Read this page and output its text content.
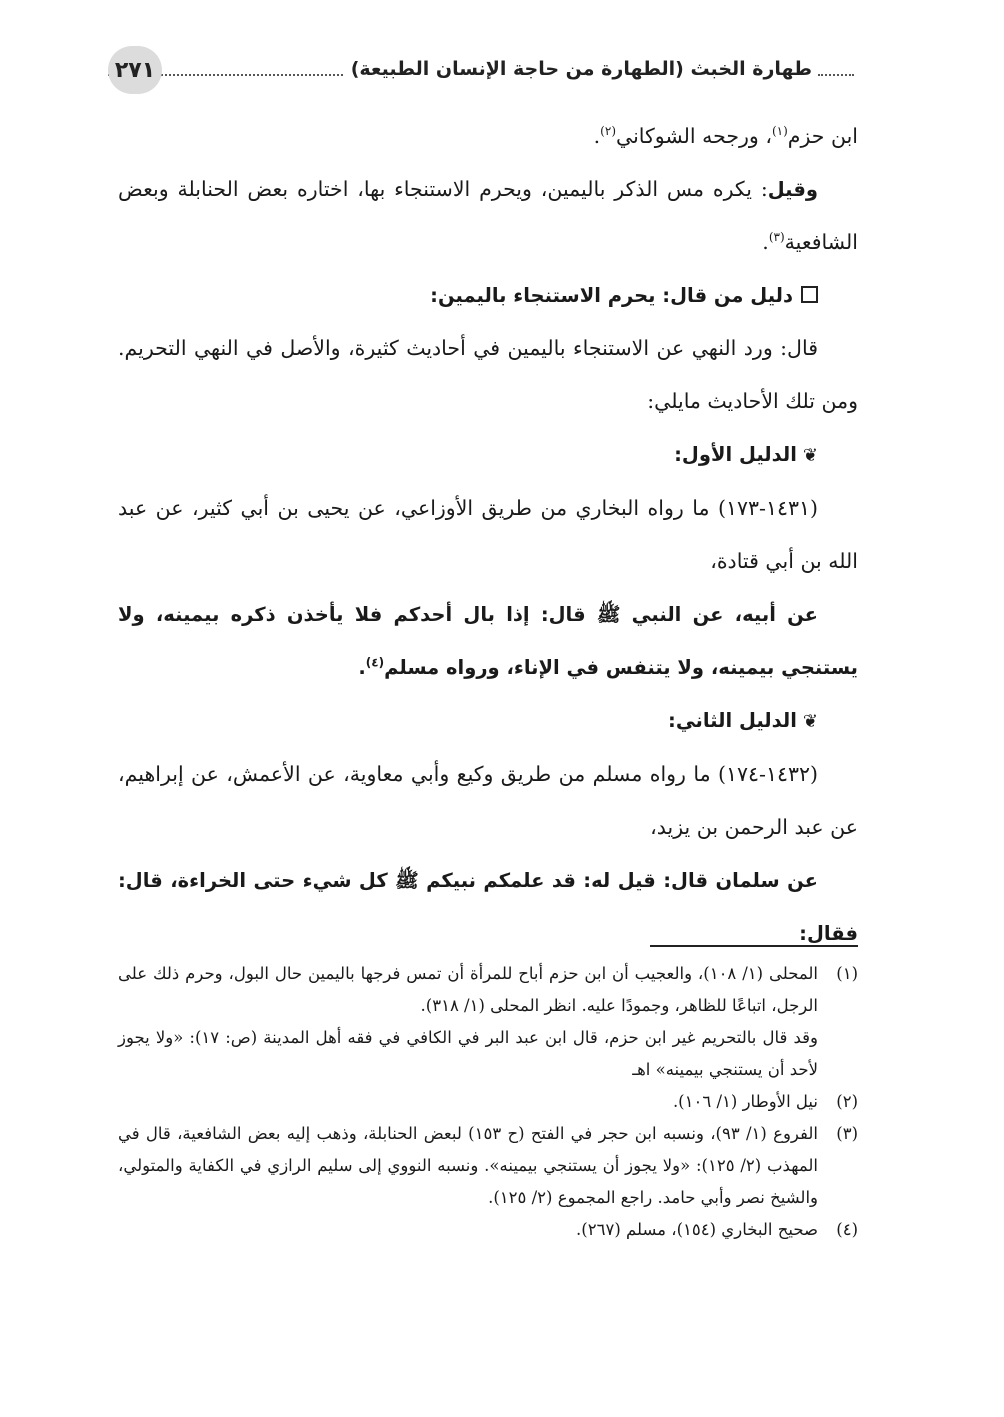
طهارة الخبث (الطهارة من حاجة الإنسان الطبيعة)
٢٧١

ابن حزم$^{(١)}$، ورجحه الشوكاني$^{(٢)}$.

وقيل: يكره مس الذكر باليمين، ويحرم الاستنجاء بها، اختاره بعض الحنابلة وبعض الشافعية$^{(٣)}$.

دليل من قال: يحرم الاستنجاء باليمين:

قال: ورد النهي عن الاستنجاء باليمين في أحاديث كثيرة، والأصل في النهي التحريم. ومن تلك الأحاديث مايلي:

❦الدليل الأول:

(١٤٣١-١٧٣) ما رواه البخاري من طريق الأوزاعي، عن يحيى بن أبي كثير، عن عبد الله بن أبي قتادة،

عن أبيه، عن النبي ﷺ قال: إذا بال أحدكم فلا يأخذن ذكره بيمينه، ولا يستنجي بيمينه، ولا يتنفس في الإناء، ورواه مسلم$^{(٤)}$.

❦الدليل الثاني:

(١٤٣٢-١٧٤) ما رواه مسلم من طريق وكيع وأبي معاوية، عن الأعمش، عن إبراهيم، عن عبد الرحمن بن يزيد،

عن سلمان قال: قيل له: قد علمكم نبيكم ﷺ كل شيء حتى الخراءة، قال: فقال:

(١)
المحلى (١/ ١٠٨)، والعجيب أن ابن حزم أباح للمرأة أن تمس فرجها باليمين حال البول، وحرم ذلك على الرجل، اتباعًا للظاهر، وجمودًا عليه. انظر المحلى (١/ ٣١٨).

وقد قال بالتحريم غير ابن حزم، قال ابن عبد البر في الكافي في فقه أهل المدينة (ص: ١٧): «ولا يجوز لأحد أن يستنجي بيمينه» اهـ

(٢)
نيل الأوطار (١/ ١٠٦).
(٣)
الفروع (١/ ٩٣)، ونسبه ابن حجر في الفتح (ح ١٥٣) لبعض الحنابلة، وذهب إليه بعض الشافعية، قال في المهذب (٢/ ١٢٥): «ولا يجوز أن يستنجي بيمينه». ونسبه النووي إلى سليم الرازي في الكفاية والمتولي، والشيخ نصر وأبي حامد. راجع المجموع (٢/ ١٢٥).
(٤)
صحيح البخاري (١٥٤)، مسلم (٢٦٧).
